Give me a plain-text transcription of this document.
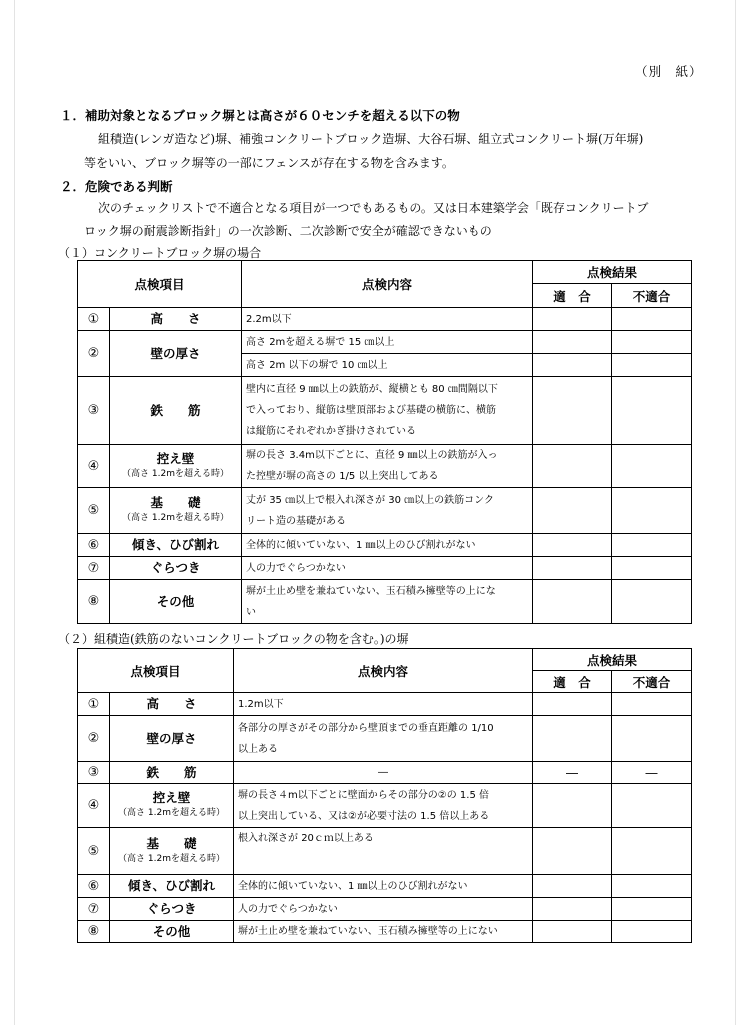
（別　紙）
１．補助対象となるブロック塀とは高さが６０センチを超える以下の物
組積造(レンガ造など)塀、補強コンクリートブロック造塀、大谷石塀、組立式コンクリート塀(万年塀)
等をいい、ブロック塀等の一部にフェンスが存在する物を含みます。
２．危険である判断
次のチェックリストで不適合となる項目が一つでもあるもの。又は日本建築学会「既存コンクリートブ
ロック塀の耐震診断指針」の一次診断、二次診断で安全が確認できないもの
（１）コンクリートブロック塀の場合
点検項目		点検内容	点検結果	
			適　合	不適合
①	高　　さ	2.2m以下		
②	壁の厚さ	高さ 2mを超える塀で 15 ㎝以上		
		高さ 2m 以下の塀で 10 ㎝以上		
③	鉄　　筋	壁内に直径 9 ㎜以上の鉄筋が、縦横とも 80 ㎝間隔以下
で入っており、縦筋は壁頂部および基礎の横筋に、横筋
は縦筋にそれぞれかぎ掛けされている		

④	控え壁
（高さ 1.2mを超える時）	塀の長さ 3.4m以下ごとに、直径 9 ㎜以上の鉄筋が入っ
た控壁が塀の高さの 1/5 以上突出してある		

⑤	基　　礎
（高さ 1.2mを超える時）	丈が 35 ㎝以上で根入れ深さが 30 ㎝以上の鉄筋コンク
リート造の基礎がある		

⑥	傾き、ひび割れ	全体的に傾いていない、1 ㎜以上のひび割れがない		
⑦	ぐらつき	人の力でぐらつかない		
⑧	その他	塀が土止め壁を兼ねていない、玉石積み擁壁等の上にな
い		

（２）組積造(鉄筋のないコンクリートブロックの物を含む。)の塀
点検項目		点検内容	点検結果	
			適　合	不適合
①	高　　さ	1.2m以下		
②	壁の厚さ	各部分の厚さがその部分から壁頂までの垂直距離の 1/10
以上ある		

③	鉄　　筋	―	―	―
④	控え壁
（高さ 1.2mを超える時）	塀の長さ４m以下ごとに壁面からその部分の②の 1.5 倍
以上突出している、又は②が必要寸法の 1.5 倍以上ある		

⑤	基　　礎
（高さ 1.2mを超える時）	根入れ深さが 20ｃｍ以上ある		
⑥	傾き、ひび割れ	全体的に傾いていない、1 ㎜以上のひび割れがない		
⑦	ぐらつき	人の力でぐらつかない		
⑧	その他	塀が土止め壁を兼ねていない、玉石積み擁壁等の上にない		
